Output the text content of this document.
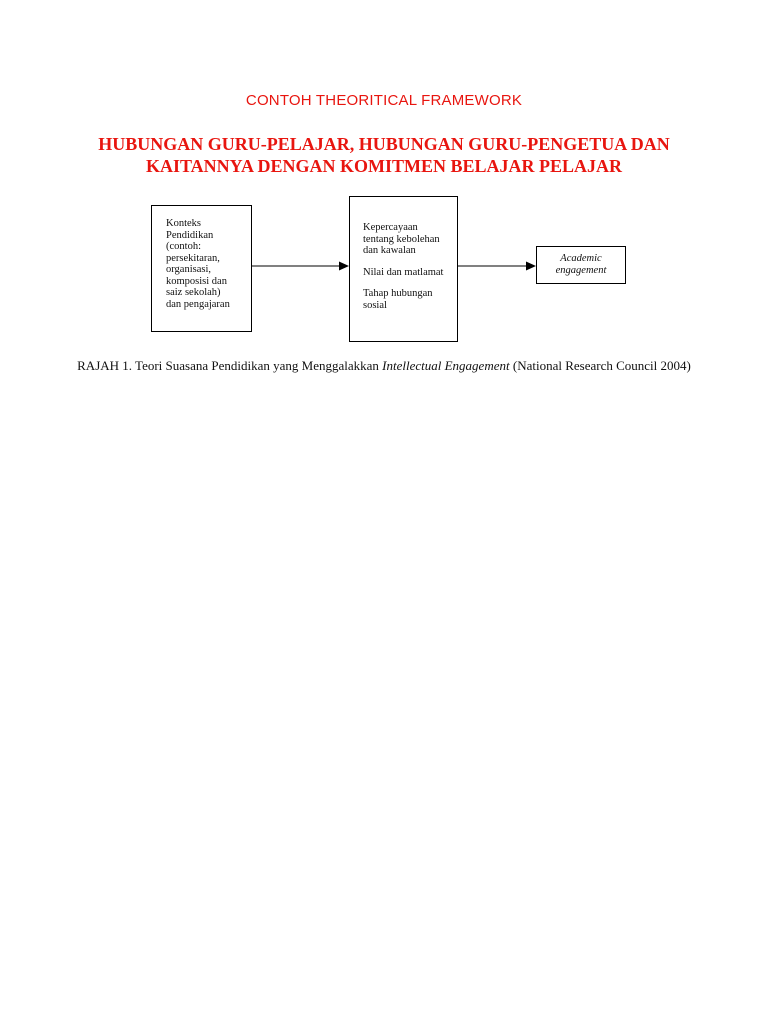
CONTOH THEORITICAL FRAMEWORK
HUBUNGAN GURU-PELAJAR, HUBUNGAN GURU-PENGETUA DAN
KAITANNYA DENGAN KOMITMEN BELAJAR PELAJAR
Konteks
Pendidikan
(contoh:
persekitaran,
organisasi,
komposisi dan
saiz sekolah)
dan pengajaran

Kepercayaan
tentang kebolehan
dan kawalan

Nilai dan matlamat

Tahap hubungan
sosial

Academic
engagement
RAJAH 1. Teori Suasana Pendidikan yang Menggalakkan Intellectual Engagement (National Research Council 2004)
